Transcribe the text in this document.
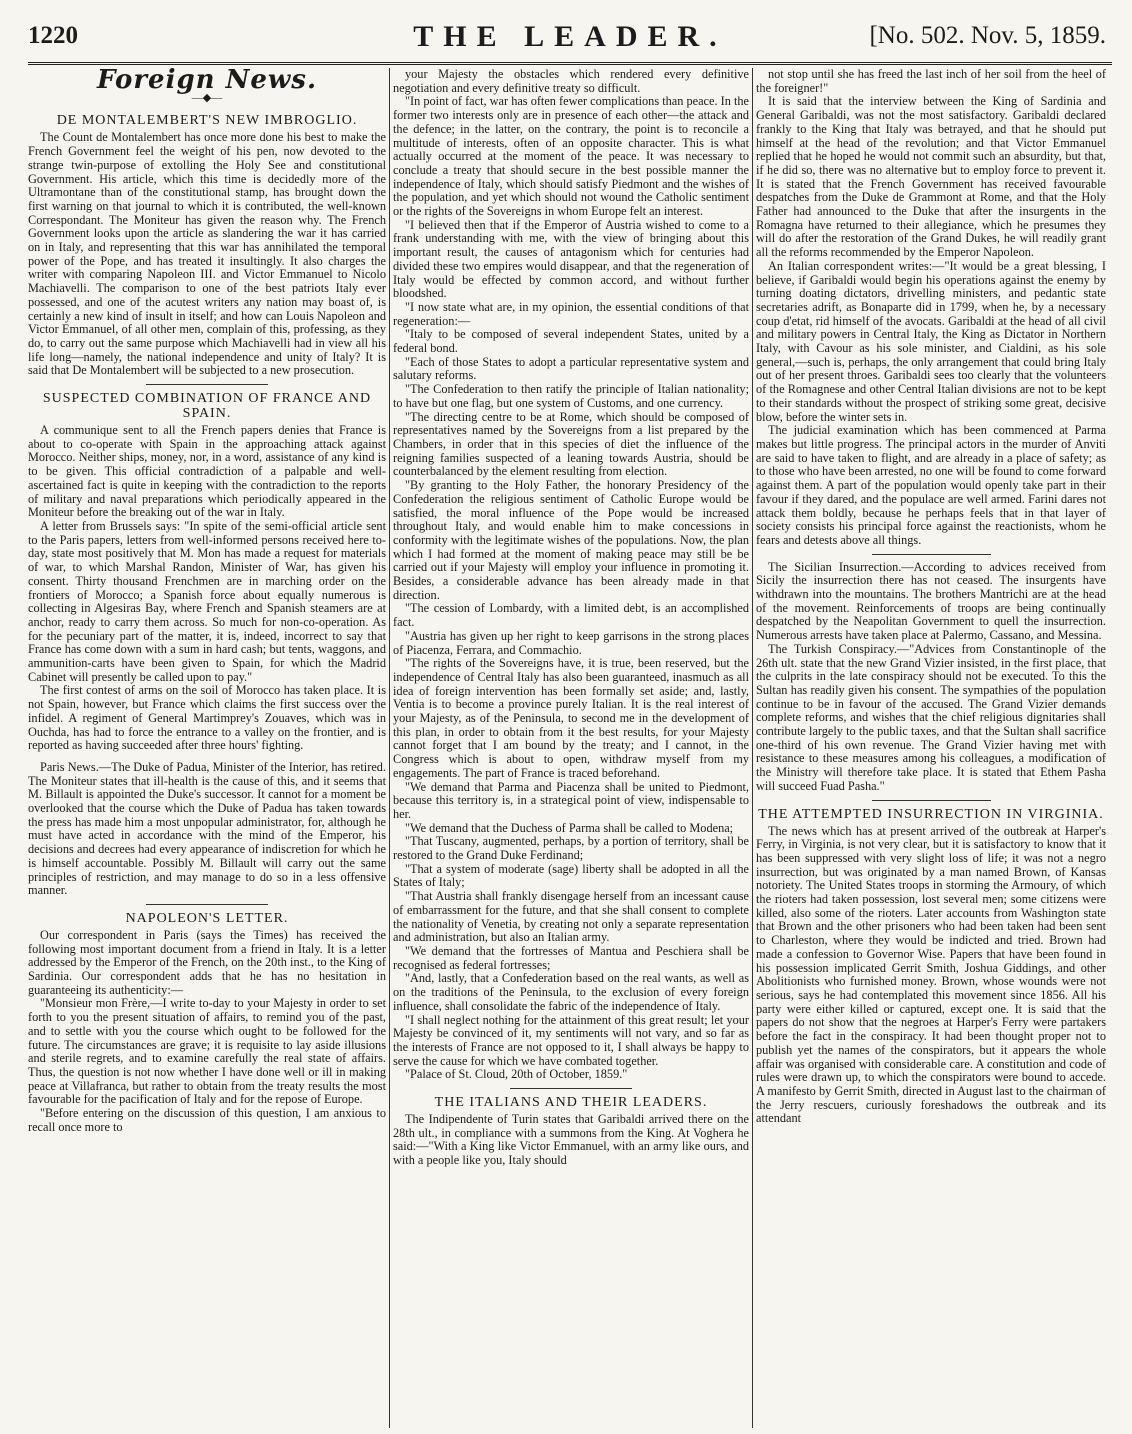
1220	THE LEADER.	[No. 502. Nov. 5, 1859.
Foreign News.
—◆—
DE MONTALEMBERT'S NEW IMBROGLIO.

The Count de Montalembert has once more done his best to make the French Government feel the weight of his pen, now devoted to the strange twin-purpose of extolling the Holy See and constitutional Government. His article, which this time is decidedly more of the Ultramontane than of the constitutional stamp, has brought down the first warning on that journal to which it is contributed, the well-known Correspondant. The Moniteur has given the reason why. The French Government looks upon the article as slandering the war it has carried on in Italy, and representing that this war has annihilated the temporal power of the Pope, and has treated it insultingly. It also charges the writer with comparing Napoleon III. and Victor Emmanuel to Nicolo Machiavelli. The comparison to one of the best patriots Italy ever possessed, and one of the acutest writers any nation may boast of, is certainly a new kind of insult in itself; and how can Louis Napoleon and Victor Emmanuel, of all other men, complain of this, professing, as they do, to carry out the same purpose which Machiavelli had in view all his life long—namely, the national independence and unity of Italy? It is said that De Montalembert will be subjected to a new prosecution.

SUSPECTED COMBINATION OF FRANCE AND SPAIN.

A communique sent to all the French papers denies that France is about to co-operate with Spain in the approaching attack against Morocco. Neither ships, money, nor, in a word, assistance of any kind is to be given. This official contradiction of a palpable and well-ascertained fact is quite in keeping with the contradiction to the reports of military and naval preparations which periodically appeared in the Moniteur before the breaking out of the war in Italy.

A letter from Brussels says: "In spite of the semi-official article sent to the Paris papers, letters from well-informed persons received here to-day, state most positively that M. Mon has made a request for materials of war, to which Marshal Randon, Minister of War, has given his consent. Thirty thousand Frenchmen are in marching order on the frontiers of Morocco; a Spanish force about equally numerous is collecting in Algesiras Bay, where French and Spanish steamers are at anchor, ready to carry them across. So much for non-co-operation. As for the pecuniary part of the matter, it is, indeed, incorrect to say that France has come down with a sum in hard cash; but tents, waggons, and ammunition-carts have been given to Spain, for which the Madrid Cabinet will presently be called upon to pay."

The first contest of arms on the soil of Morocco has taken place. It is not Spain, however, but France which claims the first success over the infidel. A regiment of General Martimprey's Zouaves, which was in Ouchda, has had to force the entrance to a valley on the frontier, and is reported as having succeeded after three hours' fighting.

Paris News.—The Duke of Padua, Minister of the Interior, has retired. The Moniteur states that ill-health is the cause of this, and it seems that M. Billault is appointed the Duke's successor. It cannot for a moment be overlooked that the course which the Duke of Padua has taken towards the press has made him a most unpopular administrator, for, although he must have acted in accordance with the mind of the Emperor, his decisions and decrees had every appearance of indiscretion for which he is himself accountable. Possibly M. Billault will carry out the same principles of restriction, and may manage to do so in a less offensive manner.

NAPOLEON'S LETTER.

Our correspondent in Paris (says the Times) has received the following most important document from a friend in Italy. It is a letter addressed by the Emperor of the French, on the 20th inst., to the King of Sardinia. Our correspondent adds that he has no hesitation in guaranteeing its authenticity:—

"Monsieur mon Frère,—I write to-day to your Majesty in order to set forth to you the present situation of affairs, to remind you of the past, and to settle with you the course which ought to be followed for the future. The circumstances are grave; it is requisite to lay aside illusions and sterile regrets, and to examine carefully the real state of affairs. Thus, the question is not now whether I have done well or ill in making peace at Villafranca, but rather to obtain from the treaty results the most favourable for the pacification of Italy and for the repose of Europe.

"Before entering on the discussion of this question, I am anxious to recall once more to

your Majesty the obstacles which rendered every definitive negotiation and every definitive treaty so difficult.

"In point of fact, war has often fewer complications than peace. In the former two interests only are in presence of each other—the attack and the defence; in the latter, on the contrary, the point is to reconcile a multitude of interests, often of an opposite character. This is what actually occurred at the moment of the peace. It was necessary to conclude a treaty that should secure in the best possible manner the independence of Italy, which should satisfy Piedmont and the wishes of the population, and yet which should not wound the Catholic sentiment or the rights of the Sovereigns in whom Europe felt an interest.

"I believed then that if the Emperor of Austria wished to come to a frank understanding with me, with the view of bringing about this important result, the causes of antagonism which for centuries had divided these two empires would disappear, and that the regeneration of Italy would be effected by common accord, and without further bloodshed.

"I now state what are, in my opinion, the essential conditions of that regeneration:—

"Italy to be composed of several independent States, united by a federal bond.

"Each of those States to adopt a particular representative system and salutary reforms.

"The Confederation to then ratify the principle of Italian nationality; to have but one flag, but one system of Customs, and one currency.

"The directing centre to be at Rome, which should be composed of representatives named by the Sovereigns from a list prepared by the Chambers, in order that in this species of diet the influence of the reigning families suspected of a leaning towards Austria, should be counterbalanced by the element resulting from election.

"By granting to the Holy Father, the honorary Presidency of the Confederation the religious sentiment of Catholic Europe would be satisfied, the moral influence of the Pope would be increased throughout Italy, and would enable him to make concessions in conformity with the legitimate wishes of the populations. Now, the plan which I had formed at the moment of making peace may still be be carried out if your Majesty will employ your influence in promoting it. Besides, a considerable advance has been already made in that direction.

"The cession of Lombardy, with a limited debt, is an accomplished fact.

"Austria has given up her right to keep garrisons in the strong places of Piacenza, Ferrara, and Commachio.

"The rights of the Sovereigns have, it is true, been reserved, but the independence of Central Italy has also been guaranteed, inasmuch as all idea of foreign intervention has been formally set aside; and, lastly, Ventia is to become a province purely Italian. It is the real interest of your Majesty, as of the Peninsula, to second me in the development of this plan, in order to obtain from it the best results, for your Majesty cannot forget that I am bound by the treaty; and I cannot, in the Congress which is about to open, withdraw myself from my engagements. The part of France is traced beforehand.

"We demand that Parma and Piacenza shall be united to Piedmont, because this territory is, in a strategical point of view, indispensable to her.

"We demand that the Duchess of Parma shall be called to Modena;

"That Tuscany, augmented, perhaps, by a portion of territory, shall be restored to the Grand Duke Ferdinand;

"That a system of moderate (sage) liberty shall be adopted in all the States of Italy;

"That Austria shall frankly disengage herself from an incessant cause of embarrassment for the future, and that she shall consent to complete the nationality of Venetia, by creating not only a separate representation and administration, but also an Italian army.

"We demand that the fortresses of Mantua and Peschiera shall be recognised as federal fortresses;

"And, lastly, that a Confederation based on the real wants, as well as on the traditions of the Peninsula, to the exclusion of every foreign influence, shall consolidate the fabric of the independence of Italy.

"I shall neglect nothing for the attainment of this great result; let your Majesty be convinced of it, my sentiments will not vary, and so far as the interests of France are not opposed to it, I shall always be happy to serve the cause for which we have combated together.

"Palace of St. Cloud, 20th of October, 1859."

THE ITALIANS AND THEIR LEADERS.

The Indipendente of Turin states that Garibaldi arrived there on the 28th ult., in compliance with a summons from the King. At Voghera he said:—"With a King like Victor Emmanuel, with an army like ours, and with a people like you, Italy should

not stop until she has freed the last inch of her soil from the heel of the foreigner!"

It is said that the interview between the King of Sardinia and General Garibaldi, was not the most satisfactory. Garibaldi declared frankly to the King that Italy was betrayed, and that he should put himself at the head of the revolution; and that Victor Emmanuel replied that he hoped he would not commit such an absurdity, but that, if he did so, there was no alternative but to employ force to prevent it. It is stated that the French Government has received favourable despatches from the Duke de Grammont at Rome, and that the Holy Father had announced to the Duke that after the insurgents in the Romagna have returned to their allegiance, which he presumes they will do after the restoration of the Grand Dukes, he will readily grant all the reforms recommended by the Emperor Napoleon.

An Italian correspondent writes:—"It would be a great blessing, I believe, if Garibaldi would begin his operations against the enemy by turning doating dictators, drivelling ministers, and pedantic state secretaries adrift, as Bonaparte did in 1799, when he, by a necessary coup d'etat, rid himself of the avocats. Garibaldi at the head of all civil and military powers in Central Italy, the King as Dictator in Northern Italy, with Cavour as his sole minister, and Cialdini, as his sole general,—such is, perhaps, the only arrangement that could bring Italy out of her present throes. Garibaldi sees too clearly that the volunteers of the Romagnese and other Central Italian divisions are not to be kept to their standards without the prospect of striking some great, decisive blow, before the winter sets in.

The judicial examination which has been commenced at Parma makes but little progress. The principal actors in the murder of Anviti are said to have taken to flight, and are already in a place of safety; as to those who have been arrested, no one will be found to come forward against them. A part of the population would openly take part in their favour if they dared, and the populace are well armed. Farini dares not attack them boldly, because he perhaps feels that in that layer of society consists his principal force against the reactionists, whom he fears and detests above all things.

The Sicilian Insurrection.—According to advices received from Sicily the insurrection there has not ceased. The insurgents have withdrawn into the mountains. The brothers Mantrichi are at the head of the movement. Reinforcements of troops are being continually despatched by the Neapolitan Government to quell the insurrection. Numerous arrests have taken place at Palermo, Cassano, and Messina.

The Turkish Conspiracy.—"Advices from Constantinople of the 26th ult. state that the new Grand Vizier insisted, in the first place, that the culprits in the late conspiracy should not be executed. To this the Sultan has readily given his consent. The sympathies of the population continue to be in favour of the accused. The Grand Vizier demands complete reforms, and wishes that the chief religious dignitaries shall contribute largely to the public taxes, and that the Sultan shall sacrifice one-third of his own revenue. The Grand Vizier having met with resistance to these measures among his colleagues, a modification of the Ministry will therefore take place. It is stated that Ethem Pasha will succeed Fuad Pasha."

THE ATTEMPTED INSURRECTION IN VIRGINIA.

The news which has at present arrived of the outbreak at Harper's Ferry, in Virginia, is not very clear, but it is satisfactory to know that it has been suppressed with very slight loss of life; it was not a negro insurrection, but was originated by a man named Brown, of Kansas notoriety. The United States troops in storming the Armoury, of which the rioters had taken possession, lost several men; some citizens were killed, also some of the rioters. Later accounts from Washington state that Brown and the other prisoners who had been taken had been sent to Charleston, where they would be indicted and tried. Brown had made a confession to Governor Wise. Papers that have been found in his possession implicated Gerrit Smith, Joshua Giddings, and other Abolitionists who furnished money. Brown, whose wounds were not serious, says he had contemplated this movement since 1856. All his party were either killed or captured, except one. It is said that the papers do not show that the negroes at Harper's Ferry were partakers before the fact in the conspiracy. It had been thought proper not to publish yet the names of the conspirators, but it appears the whole affair was organised with considerable care. A constitution and code of rules were drawn up, to which the conspirators were bound to accede. A manifesto by Gerrit Smith, directed in August last to the chairman of the Jerry rescuers, curiously foreshadows the outbreak and its attendant
